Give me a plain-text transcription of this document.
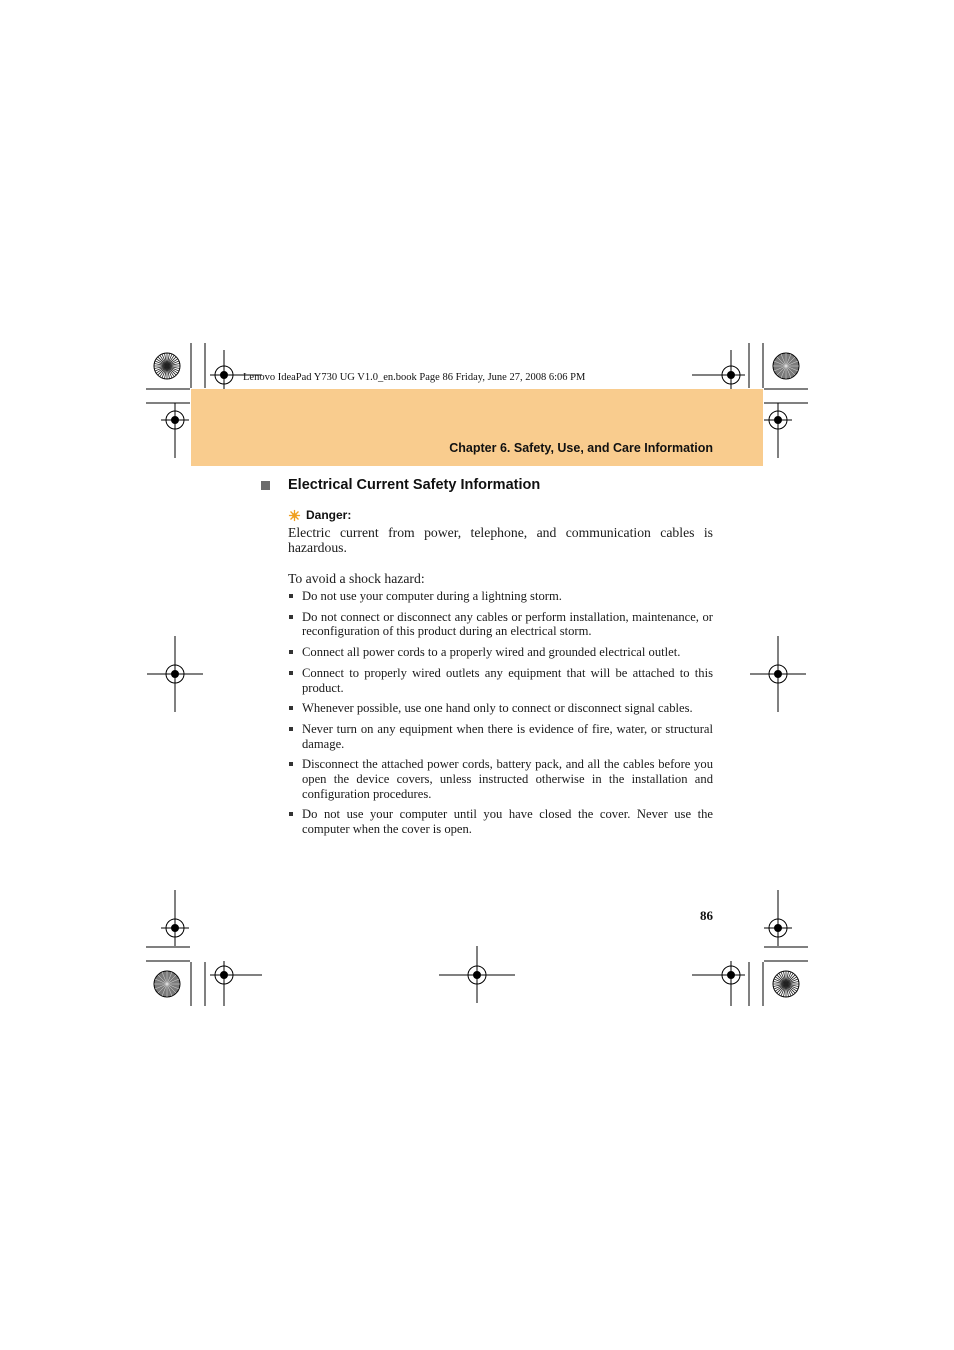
Lenovo IdeaPad Y730 UG V1.0_en.book Page 86 Friday, June 27, 2008 6:06 PM
Chapter 6. Safety, Use, and Care Information
Electrical Current Safety Information
Danger:

Electric current from power, telephone, and communication cables is hazardous.

To avoid a shock hazard:

Do not use your computer during a lightning storm.
Do not connect or disconnect any cables or perform installation, maintenance, or reconfiguration of this product during an electrical storm.
Connect all power cords to a properly wired and grounded electrical outlet.
Connect to properly wired outlets any equipment that will be attached to this product.
Whenever possible, use one hand only to connect or disconnect signal cables.
Never turn on any equipment when there is evidence of fire, water, or structural damage.
Disconnect the attached power cords, battery pack, and all the cables before you open the device covers, unless instructed otherwise in the installation and configuration procedures.
Do not use your computer until you have closed the cover. Never use the computer when the cover is open.
86
